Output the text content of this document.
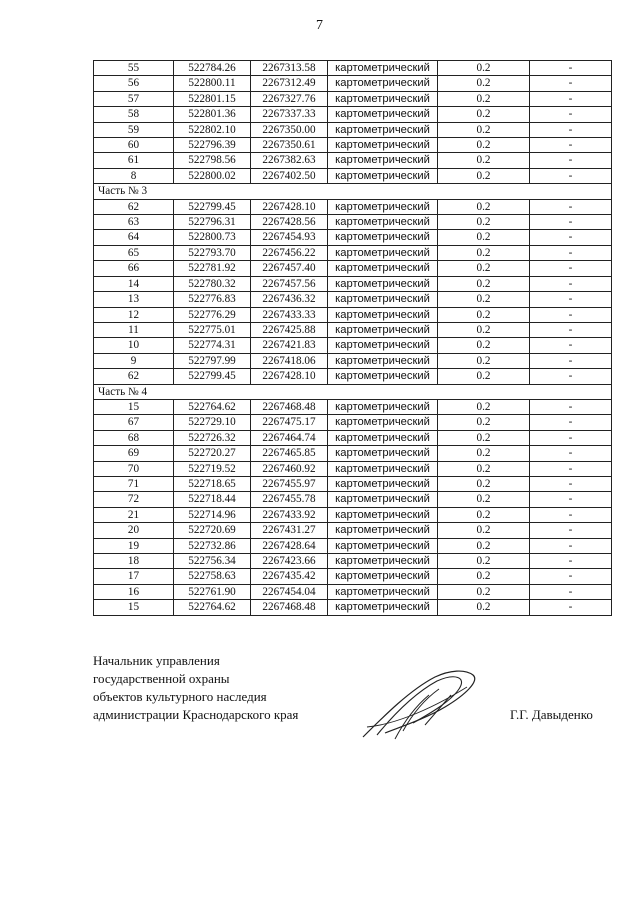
7
55	522784.26	2267313.58	картометрический	0.2	-
56	522800.11	2267312.49	картометрический	0.2	-
57	522801.15	2267327.76	картометрический	0.2	-
58	522801.36	2267337.33	картометрический	0.2	-
59	522802.10	2267350.00	картометрический	0.2	-
60	522796.39	2267350.61	картометрический	0.2	-
61	522798.56	2267382.63	картометрический	0.2	-
8	522800.02	2267402.50	картометрический	0.2	-
Часть № 3					
62	522799.45	2267428.10	картометрический	0.2	-
63	522796.31	2267428.56	картометрический	0.2	-
64	522800.73	2267454.93	картометрический	0.2	-
65	522793.70	2267456.22	картометрический	0.2	-
66	522781.92	2267457.40	картометрический	0.2	-
14	522780.32	2267457.56	картометрический	0.2	-
13	522776.83	2267436.32	картометрический	0.2	-
12	522776.29	2267433.33	картометрический	0.2	-
11	522775.01	2267425.88	картометрический	0.2	-
10	522774.31	2267421.83	картометрический	0.2	-
9	522797.99	2267418.06	картометрический	0.2	-
62	522799.45	2267428.10	картометрический	0.2	-
Часть № 4					
15	522764.62	2267468.48	картометрический	0.2	-
67	522729.10	2267475.17	картометрический	0.2	-
68	522726.32	2267464.74	картометрический	0.2	-
69	522720.27	2267465.85	картометрический	0.2	-
70	522719.52	2267460.92	картометрический	0.2	-
71	522718.65	2267455.97	картометрический	0.2	-
72	522718.44	2267455.78	картометрический	0.2	-
21	522714.96	2267433.92	картометрический	0.2	-
20	522720.69	2267431.27	картометрический	0.2	-
19	522732.86	2267428.64	картометрический	0.2	-
18	522756.34	2267423.66	картометрический	0.2	-
17	522758.63	2267435.42	картометрический	0.2	-
16	522761.90	2267454.04	картометрический	0.2	-
15	522764.62	2267468.48	картометрический	0.2	-
Начальник управления
государственной охраны
объектов культурного наследия
администрации Краснодарского края	Г.Г. Давыденко
